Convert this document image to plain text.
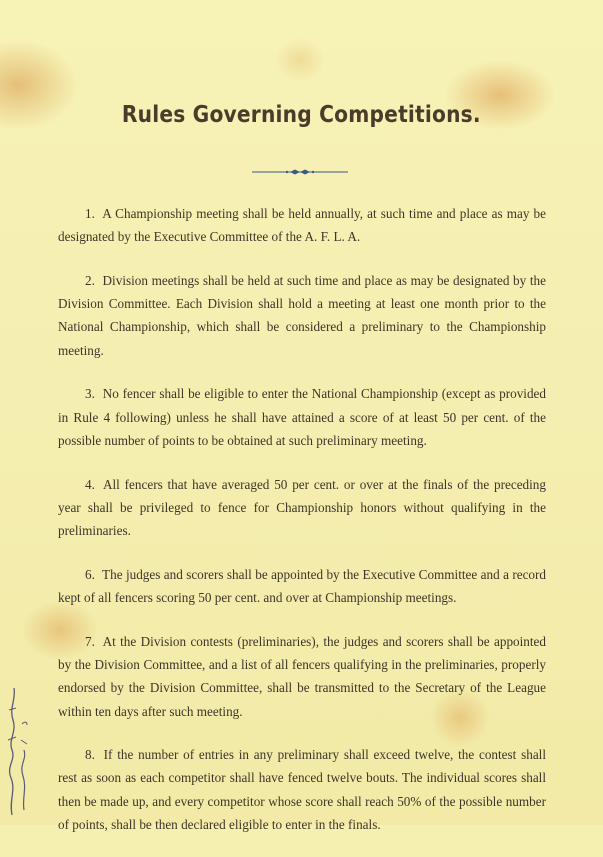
Rules Governing Competitions.

1. A Championship meeting shall be held annually, at such time and place as may be designated by the Executive Committee of the A. F. L. A.

2. Division meetings shall be held at such time and place as may be designated by the Division Committee. Each Division shall hold a meeting at least one month prior to the National Championship, which shall be considered a preliminary to the Championship meeting.

3. No fencer shall be eligible to enter the National Championship (except as provided in Rule 4 following) unless he shall have attained a score of at least 50 per cent. of the possible number of points to be obtained at such preliminary meeting.

4. All fencers that have averaged 50 per cent. or over at the finals of the preceding year shall be privileged to fence for Championship honors without qualifying in the preliminaries.

6. The judges and scorers shall be appointed by the Executive Committee and a record kept of all fencers scoring 50 per cent. and over at Championship meetings.

7. At the Division contests (preliminaries), the judges and scorers shall be appointed by the Division Committee, and a list of all fencers qualifying in the preliminaries, properly endorsed by the Division Committee, shall be transmitted to the Secretary of the League within ten days after such meeting.

8. If the number of entries in any preliminary shall exceed twelve, the contest shall rest as soon as each competitor shall have fenced twelve bouts. The individual scores shall then be made up, and every competitor whose score shall reach 50% of the possible number of points, shall be then declared eligible to enter in the finals.
